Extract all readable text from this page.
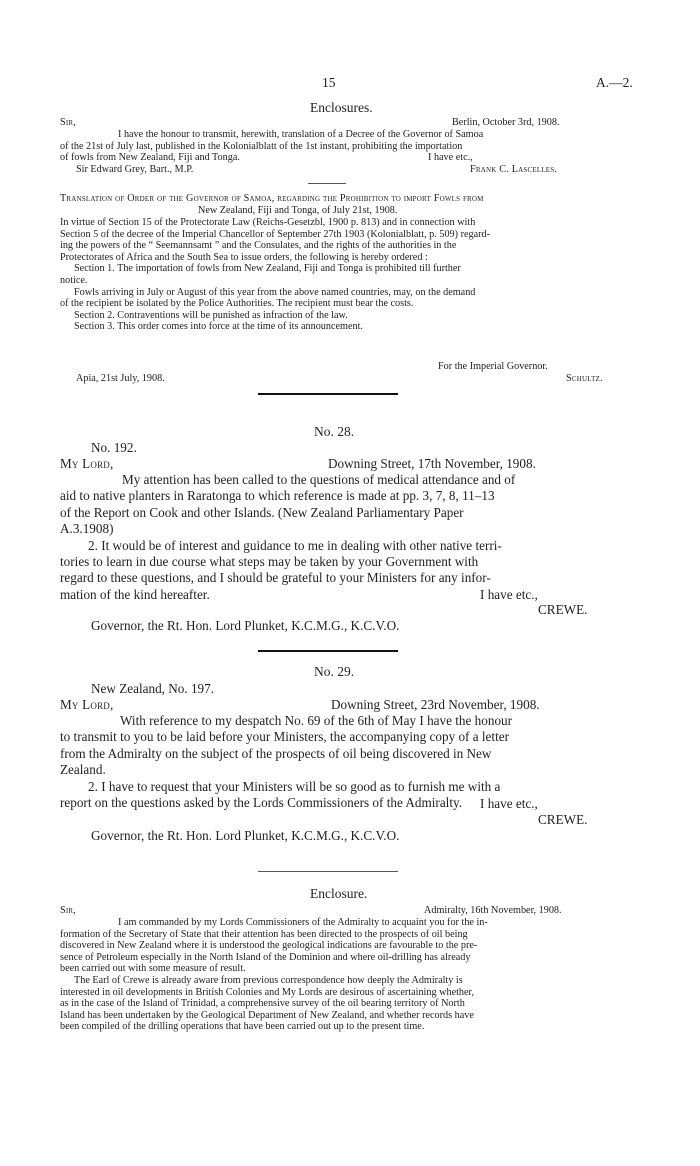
15	A.—2.
Enclosures.
Sir,	Berlin, October 3rd, 1908.

I have the honour to transmit, herewith, translation of a Decree of the Governor of Samoa

of the 21st of July last, published in the Kolonialblatt of the 1st instant, prohibiting the importation

of fowls from New Zealand, Fiji and Tonga.	I have etc.,
Sir Edward Grey, Bart., M.P.	Frank C. Lascelles.
Translation of Order of the Governor of Samoa, regarding the Prohibition to import Fowls from
New Zealand, Fiji and Tonga, of July 21st, 1908.

In virtue of Section 15 of the Protectorate Law (Reichs-Gesetzbl, 1900 p. 813) and in connection with

Section 5 of the decree of the Imperial Chancellor of September 27th 1903 (Kolonialblatt, p. 509) regard-

ing the powers of the “ Seemannsamt ” and the Consulates, and the rights of the authorities in the

Protectorates of Africa and the South Sea to issue orders, the following is hereby ordered :

Section 1. The importation of fowls from New Zealand, Fiji and Tonga is prohibited till further

notice.

Fowls arriving in July or August of this year from the above named countries, may, on the demand

of the recipient be isolated by the Police Authorities. The recipient must bear the costs.

Section 2. Contraventions will be punished as infraction of the law.

Section 3. This order comes into force at the time of its announcement.

For the Imperial Governor.
Apia, 21st July, 1908.	Schultz.
No. 28.
No. 192.
My Lord,	Downing Street, 17th November, 1908.

My attention has been called to the questions of medical attendance and of

aid to native planters in Raratonga to which reference is made at pp. 3, 7, 8, 11–13

of the Report on Cook and other Islands. (New Zealand Parliamentary Paper

A.3.1908)

2. It would be of interest and guidance to me in dealing with other native terri-

tories to learn in due course what steps may be taken by your Government with

regard to these questions, and I should be grateful to your Ministers for any infor-

mation of the kind hereafter.	I have etc.,
CREWE.
Governor, the Rt. Hon. Lord Plunket, K.C.M.G., K.C.V.O.
No. 29.
New Zealand, No. 197.
My Lord,	Downing Street, 23rd November, 1908.

With reference to my despatch No. 69 of the 6th of May I have the honour

to transmit to you to be laid before your Ministers, the accompanying copy of a letter

from the Admiralty on the subject of the prospects of oil being discovered in New

Zealand.

2. I have to request that your Ministers will be so good as to furnish me with a

report on the questions asked by the Lords Commissioners of the Admiralty.	I have etc.,
CREWE.
Governor, the Rt. Hon. Lord Plunket, K.C.M.G., K.C.V.O.
Enclosure.
Sir,	Admiralty, 16th November, 1908.

I am commanded by my Lords Commissioners of the Admiralty to acquaint you for the in-

formation of the Secretary of State that their attention has been directed to the prospects of oil being

discovered in New Zealand where it is understood the geological indications are favourable to the pre-

sence of Petroleum especially in the North Island of the Dominion and where oil-drilling has already

been carried out with some measure of result.

The Earl of Crewe is already aware from previous correspondence how deeply the Admiralty is

interested in oil developments in British Colonies and My Lords are desirous of ascertaining whether,

as in the case of the Island of Trinidad, a comprehensive survey of the oil bearing territory of North

Island has been undertaken by the Geological Department of New Zealand, and whether records have

been compiled of the drilling operations that have been carried out up to the present time.
